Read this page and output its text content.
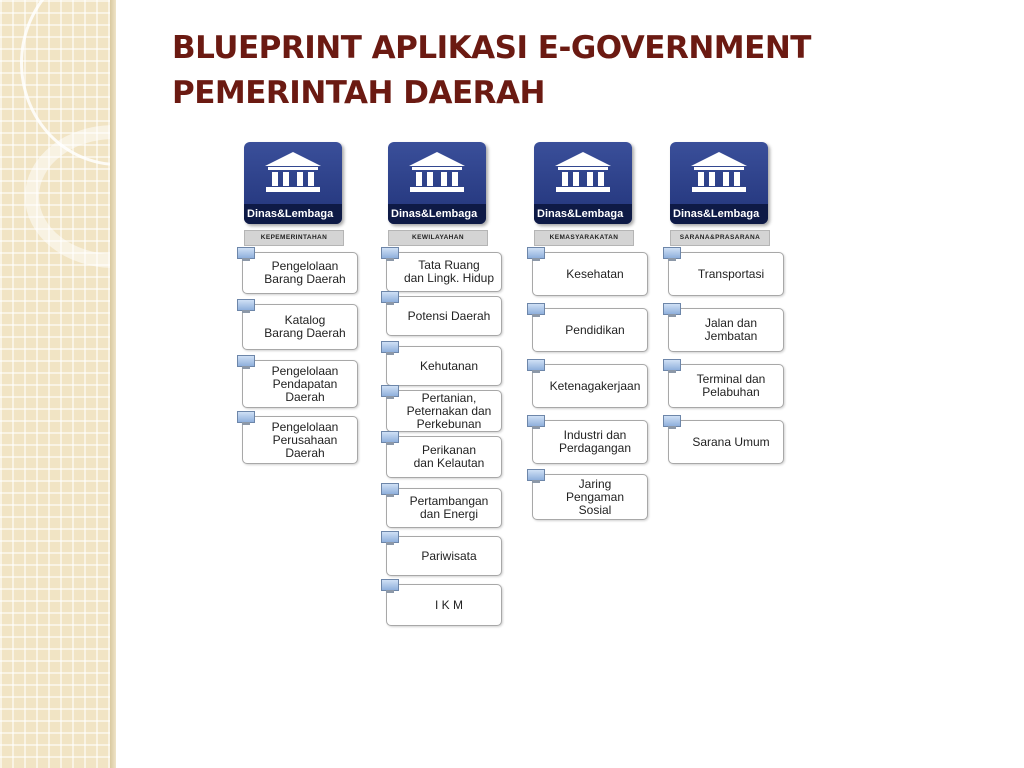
BLUEPRINT APLIKASI E-GOVERNMENT
PEMERINTAH DAERAH
Dinas&Lembaga
KEPEMERINTAHAN
Pengelolaan
Barang Daerah
Katalog
Barang Daerah
Pengelolaan
Pendapatan
Daerah
Pengelolaan
Perusahaan
Daerah
Dinas&Lembaga
KEWILAYAHAN
Tata Ruang
dan Lingk. Hidup
Potensi Daerah
Kehutanan
Pertanian,
Peternakan dan
Perkebunan
Perikanan
dan Kelautan
Pertambangan
dan Energi
Pariwisata
I K M
Dinas&Lembaga
KEMASYARAKATAN
Kesehatan
Pendidikan
Ketenagakerjaan
Industri dan
Perdagangan
Jaring
Pengaman
Sosial
Dinas&Lembaga
SARANA&PRASARANA
Transportasi
Jalan dan
Jembatan
Terminal dan
Pelabuhan
Sarana Umum
